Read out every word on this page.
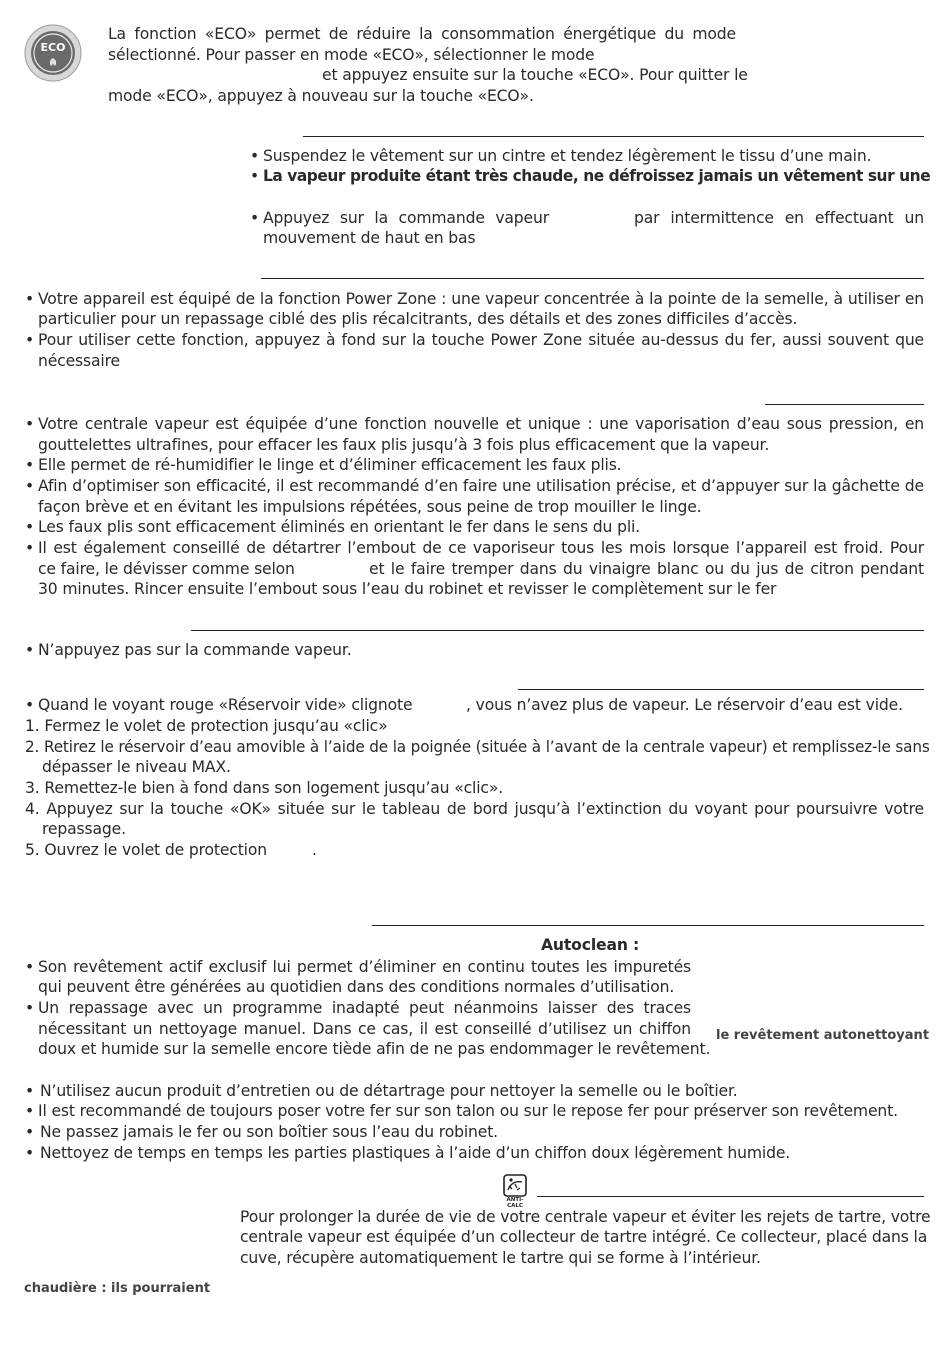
ECO
La fonction «ECO» permet de réduire la consommation énergétique du mode
sélectionné. Pour passer en mode «ECO», sélectionner le mode
et appuyez ensuite sur la touche «ECO». Pour quitter le
mode «ECO», appuyez à nouveau sur la touche «ECO».
• Suspendez le vêtement sur un cintre et tendez légèrement le tissu d’une main.
• La vapeur produite étant très chaude, ne défroissez jamais un vêtement sur une
• Appuyez sur la commande vapeur	par intermittence en effectuant un
mouvement de haut en bas
• Votre appareil est équipé de la fonction Power Zone : une vapeur concentrée à la pointe de la semelle, à utiliser en
particulier pour un repassage ciblé des plis récalcitrants, des détails et des zones difficiles d’accès.
• Pour utiliser cette fonction, appuyez à fond sur la touche Power Zone située au-dessus du fer, aussi souvent que
nécessaire
• Votre centrale vapeur est équipée d’une fonction nouvelle et unique : une vaporisation d’eau sous pression, en
gouttelettes ultrafines, pour effacer les faux plis jusqu’à 3 fois plus efficacement que la vapeur.
• Elle permet de ré-humidifier le linge et d’éliminer efficacement les faux plis.
• Afin d’optimiser son efficacité, il est recommandé d’en faire une utilisation précise, et d’appuyer sur la gâchette de
façon brève et en évitant les impulsions répétées, sous peine de trop mouiller le linge.
• Les faux plis sont efficacement éliminés en orientant le fer dans le sens du pli.
• Il est également conseillé de détartrer l’embout de ce vaporiseur tous les mois lorsque l’appareil est froid. Pour
ce faire, le dévisser comme selon	et le faire tremper dans du vinaigre blanc ou du jus de citron pendant
30 minutes. Rincer ensuite l’embout sous l’eau du robinet et revisser le complètement sur le fer
• N’appuyez pas sur la commande vapeur.
• Quand le voyant rouge «Réservoir vide» clignote	, vous n’avez plus de vapeur. Le réservoir d’eau est vide.
1. Fermez le volet de protection jusqu’au «clic»
2. Retirez le réservoir d’eau amovible à l’aide de la poignée (située à l’avant de la centrale vapeur) et remplissez-le sans
dépasser le niveau MAX.
3. Remettez-le bien à fond dans son logement jusqu’au «clic».
4. Appuyez sur la touche «OK» située sur le tableau de bord jusqu’à l’extinction du voyant pour poursuivre votre
repassage.
5. Ouvrez le volet de protection	.
Autoclean :
• Son revêtement actif exclusif lui permet d’éliminer en continu toutes les impuretés
qui peuvent être générées au quotidien dans des conditions normales d’utilisation.
• Un repassage avec un programme inadapté peut néanmoins laisser des traces
nécessitant un nettoyage manuel. Dans ce cas, il est conseillé d’utilisez un chiffon
doux et humide sur la semelle encore tiède afin de ne pas endommager le revêtement.
le revêtement autonettoyant
• N’utilisez aucun produit d’entretien ou de détartrage pour nettoyer la semelle ou le boîtier.
• Il est recommandé de toujours poser votre fer sur son talon ou sur le repose fer pour préserver son revêtement.
• Ne passez jamais le fer ou son boîtier sous l’eau du robinet.
• Nettoyez de temps en temps les parties plastiques à l’aide d’un chiffon doux légèrement humide.
ANTI-CALC
Pour prolonger la durée de vie de votre centrale vapeur et éviter les rejets de tartre, votre
centrale vapeur est équipée d’un collecteur de tartre intégré. Ce collecteur, placé dans la
cuve, récupère automatiquement le tartre qui se forme à l’intérieur.
chaudière : ils pourraient
